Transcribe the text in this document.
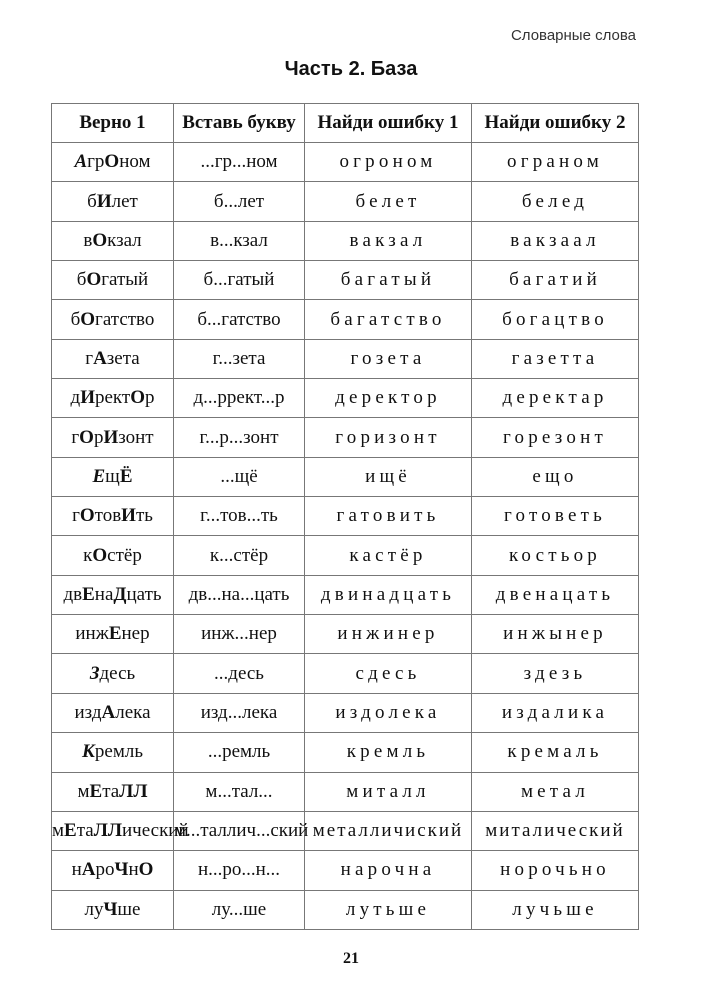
Словарные слова
Часть 2. База
Верно 1	Вставь букву	Найди ошибку 1	Найди ошибку 2
АгрОном	...гр...ном	огроном	ограном
бИлет	б...лет	белет	белед
вОкзал	в...кзал	вакзал	вакзаал
бОгатый	б...гатый	багатый	багатий
бОгатство	б...гатство	багатство	богацтво
гАзета	г...зета	гозета	газетта
дИректОр	д...ррект...р	деректор	деректар
гОрИзонт	г...р...зонт	горизонт	горезонт
ЕщЁ	...щё	ищё	ещо
гОтовИть	г...тов...ть	гатовить	готоветь
кОстёр	к...стёр	кастёр	костьор
двЕнаДцать	дв...на...цать	двинадцать	двенацать
инжЕнер	инж...нер	инжинер	инжынер
Здесь	...десь	сдесь	здезь
издАлека	изд...лека	издолека	издалика
Кремль	...ремль	кремль	кремаль
мЕтаЛЛ	м...тал...	миталл	метал
мЕтаЛЛический	м...таллич...ский	металличиский	миталический
нАроЧнО	н...ро...н...	нарочна	норочьно
луЧше	лу...ше	лутьше	лучьше
21
